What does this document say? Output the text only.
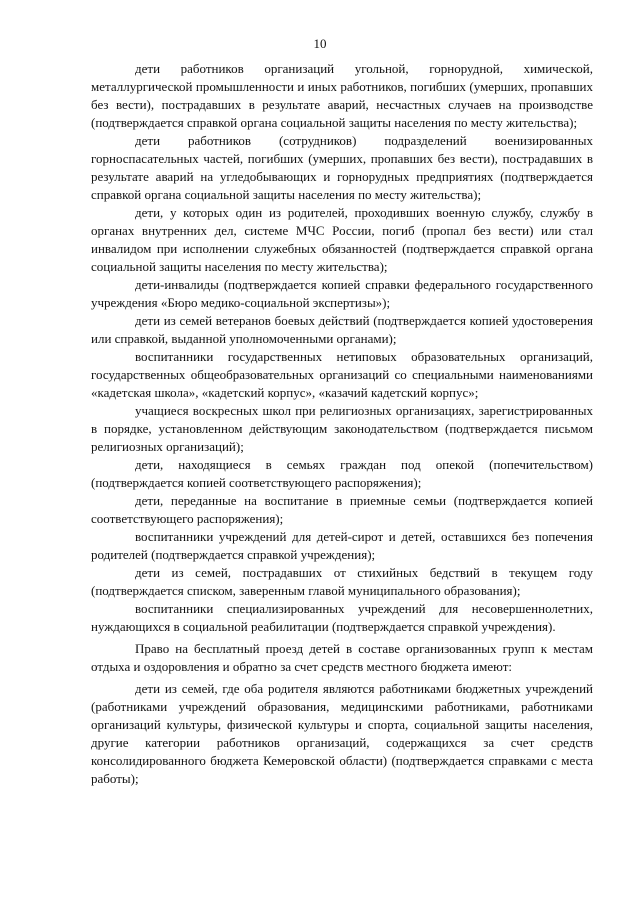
10

дети работников организаций угольной, горнорудной, химической, металлургической промышленности и иных работников, погибших (умерших, пропавших без вести), пострадавших в результате аварий, несчастных случаев на производстве (подтверждается справкой органа социальной защиты населения по месту жительства);

дети работников (сотрудников) подразделений военизированных горноспасательных частей, погибших (умерших, пропавших без вести), пострадавших в результате аварий на угледобывающих и горнорудных предприятиях (подтверждается справкой органа социальной защиты населения по месту жительства);

дети, у которых один из родителей, проходивших военную службу, службу в органах внутренних дел, системе МЧС России, погиб (пропал без вести) или стал инвалидом при исполнении служебных обязанностей (подтверждается справкой органа социальной защиты населения по месту жительства);

дети-инвалиды (подтверждается копией справки федерального государственного учреждения «Бюро медико-социальной экспертизы»);

дети из семей ветеранов боевых действий (подтверждается копией удостоверения или справкой, выданной уполномоченными органами);

воспитанники государственных нетиповых образовательных организаций, государственных общеобразовательных организаций со специальными наименованиями «кадетская школа», «кадетский корпус», «казачий кадетский корпус»;

учащиеся воскресных школ при религиозных организациях, зарегистрированных в порядке, установленном действующим законодательством (подтверждается письмом религиозных организаций);

дети, находящиеся в семьях граждан под опекой (попечительством) (подтверждается копией соответствующего распоряжения);

дети, переданные на воспитание в приемные семьи (подтверждается копией соответствующего распоряжения);

воспитанники учреждений для детей-сирот и детей, оставшихся без попечения родителей (подтверждается справкой учреждения);

дети из семей, пострадавших от стихийных бедствий в текущем году (подтверждается списком, заверенным главой муниципального образования);

воспитанники специализированных учреждений для несовершеннолетних, нуждающихся в социальной реабилитации (подтверждается справкой учреждения).

Право на бесплатный проезд детей в составе организованных групп к местам отдыха и оздоровления и обратно за счет средств местного бюджета имеют:

дети из семей, где оба родителя являются работниками бюджетных учреждений (работниками учреждений образования, медицинскими работниками, работниками организаций культуры, физической культуры и спорта, социальной защиты населения, другие категории работников организаций, содержащихся за счет средств консолидированного бюджета Кемеровской области) (подтверждается справками с места работы);
